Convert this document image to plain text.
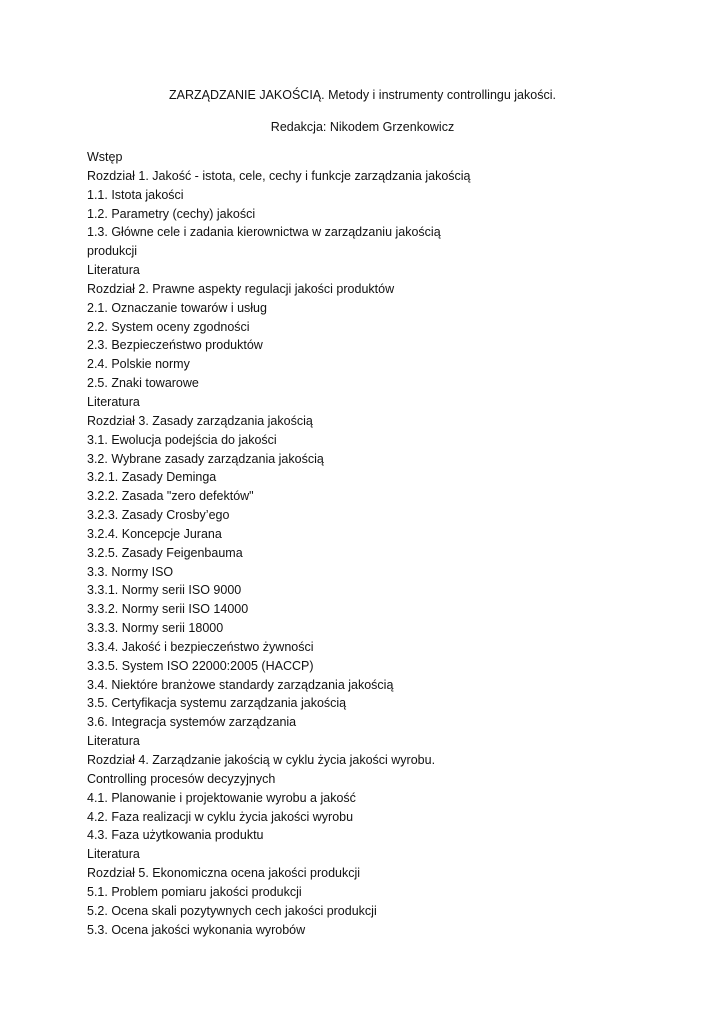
ZARZĄDZANIE JAKOŚCIĄ. Metody i instrumenty controllingu jakości.
Redakcja: Nikodem Grzenkowicz
Wstęp
Rozdział 1. Jakość - istota, cele, cechy i funkcje zarządzania jakością
1.1. Istota jakości
1.2. Parametry (cechy) jakości
1.3. Główne cele i zadania kierownictwa w zarządzaniu jakością
produkcji
Literatura
Rozdział 2. Prawne aspekty regulacji jakości produktów
2.1. Oznaczanie towarów i usług
2.2. System oceny zgodności
2.3. Bezpieczeństwo produktów
2.4. Polskie normy
2.5. Znaki towarowe
Literatura
Rozdział 3. Zasady zarządzania jakością
3.1. Ewolucja podejścia do jakości
3.2. Wybrane zasady zarządzania jakością
3.2.1. Zasady Deminga
3.2.2. Zasada "zero defektów"
3.2.3. Zasady Crosby’ego
3.2.4. Koncepcje Jurana
3.2.5. Zasady Feigenbauma
3.3. Normy ISO
3.3.1. Normy serii ISO 9000
3.3.2. Normy serii ISO 14000
3.3.3. Normy serii 18000
3.3.4. Jakość i bezpieczeństwo żywności
3.3.5. System ISO 22000:2005 (HACCP)
3.4. Niektóre branżowe standardy zarządzania jakością
3.5. Certyfikacja systemu zarządzania jakością
3.6. Integracja systemów zarządzania
Literatura
Rozdział 4. Zarządzanie jakością w cyklu życia jakości wyrobu.
Controlling procesów decyzyjnych
4.1. Planowanie i projektowanie wyrobu a jakość
4.2. Faza realizacji w cyklu życia jakości wyrobu
4.3. Faza użytkowania produktu
Literatura
Rozdział 5. Ekonomiczna ocena jakości produkcji
5.1. Problem pomiaru jakości produkcji
5.2. Ocena skali pozytywnych cech jakości produkcji
5.3. Ocena jakości wykonania wyrobów
